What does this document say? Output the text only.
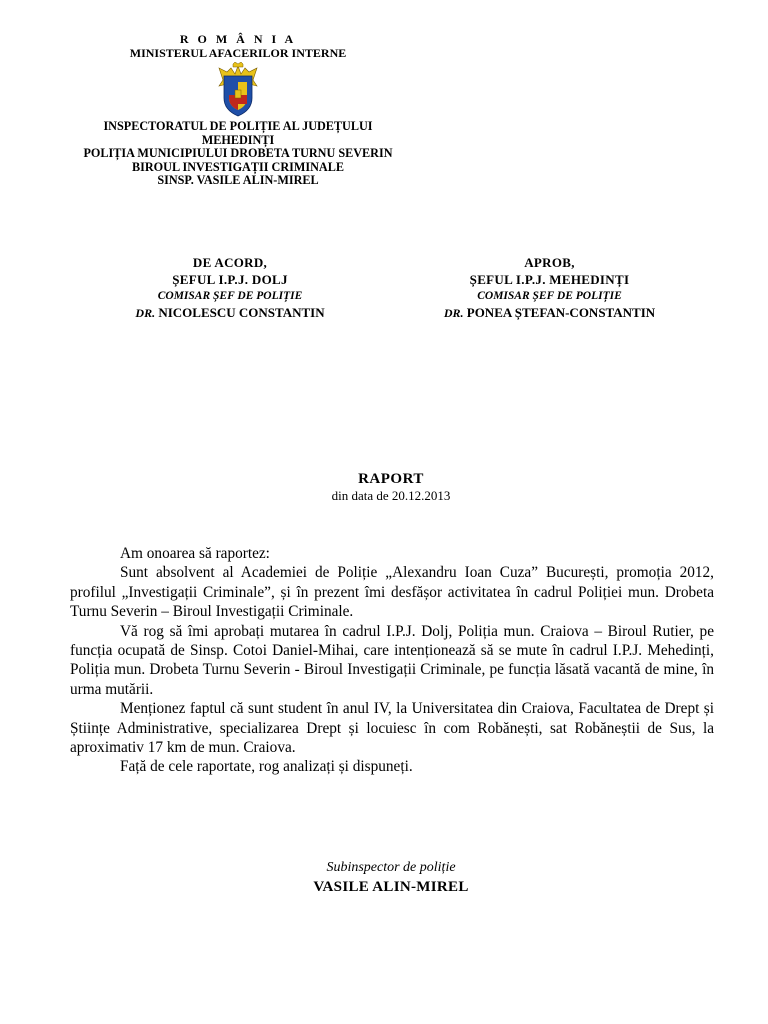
R O M Â N I A
MINISTERUL AFACERILOR INTERNE
INSPECTORATUL DE POLIȚIE AL JUDEȚULUI
MEHEDINȚI
POLIȚIA MUNICIPIULUI DROBETA TURNU SEVERIN
BIROUL INVESTIGAȚII CRIMINALE
SINSP. VASILE ALIN-MIREL
DE ACORD,
ȘEFUL I.P.J. DOLJ
COMISAR ȘEF DE POLIȚIE
DR. NICOLESCU CONSTANTIN
APROB,
ȘEFUL I.P.J. MEHEDINȚI
COMISAR ȘEF DE POLIȚIE
DR. PONEA ȘTEFAN-CONSTANTIN
RAPORT
din data de 20.12.2013

Am onoarea să raportez:

Sunt absolvent al Academiei de Poliție „Alexandru Ioan Cuza” București, promoția 2012, profilul „Investigații Criminale”, și în prezent îmi desfășor activitatea în cadrul Poliției mun. Drobeta Turnu Severin – Biroul Investigații Criminale.

Vă rog să îmi aprobați mutarea în cadrul I.P.J. Dolj, Poliția mun. Craiova – Biroul Rutier, pe funcția ocupată de Sinsp. Cotoi Daniel-Mihai, care intenționează să se mute în cadrul I.P.J. Mehedinți, Poliția mun. Drobeta Turnu Severin - Biroul Investigații Criminale, pe funcția lăsată vacantă de mine, în urma mutării.

Menționez faptul că sunt student în anul IV, la Universitatea din Craiova, Facultatea de Drept și Științe Administrative, specializarea Drept și locuiesc în com Robănești, sat Robăneștii de Sus, la aproximativ 17 km de mun. Craiova.

Față de cele raportate, rog analizați și dispuneți.

Subinspector de poliție
VASILE ALIN-MIREL
